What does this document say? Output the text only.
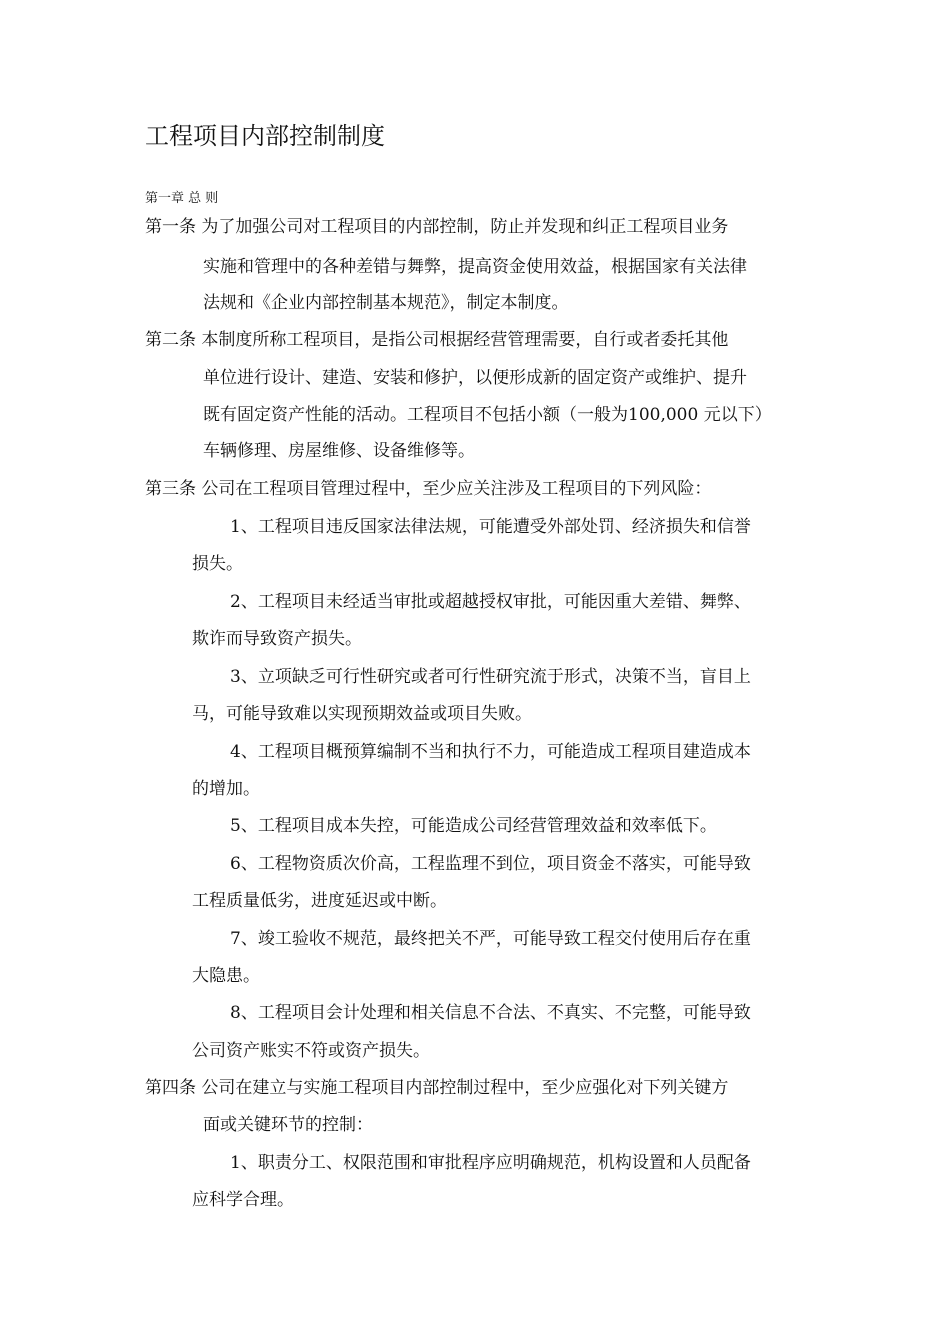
工程项目内部控制制度
第一章 总 则
第一条 为了加强公司对工程项目的内部控制，防止并发现和纠正工程项目业务
实施和管理中的各种差错与舞弊，提高资金使用效益，根据国家有关法律
法规和《企业内部控制基本规范》，制定本制度。
第二条 本制度所称工程项目，是指公司根据经营管理需要，自行或者委托其他
单位进行设计、建造、安装和修护，以便形成新的固定资产或维护、提升
既有固定资产性能的活动。工程项目不包括小额（一般为100,000 元以下）
车辆修理、房屋维修、设备维修等。
第三条 公司在工程项目管理过程中，至少应关注涉及工程项目的下列风险：
1、工程项目违反国家法律法规，可能遭受外部处罚、经济损失和信誉
损失。
2、工程项目未经适当审批或超越授权审批，可能因重大差错、舞弊、
欺诈而导致资产损失。
3、立项缺乏可行性研究或者可行性研究流于形式，决策不当，盲目上
马，可能导致难以实现预期效益或项目失败。
4、工程项目概预算编制不当和执行不力，可能造成工程项目建造成本
的增加。
5、工程项目成本失控，可能造成公司经营管理效益和效率低下。
6、工程物资质次价高，工程监理不到位，项目资金不落实，可能导致
工程质量低劣，进度延迟或中断。
7、竣工验收不规范，最终把关不严，可能导致工程交付使用后存在重
大隐患。
8、工程项目会计处理和相关信息不合法、不真实、不完整，可能导致
公司资产账实不符或资产损失。
第四条 公司在建立与实施工程项目内部控制过程中，至少应强化对下列关键方
面或关键环节的控制：
1、职责分工、权限范围和审批程序应明确规范，机构设置和人员配备
应科学合理。
